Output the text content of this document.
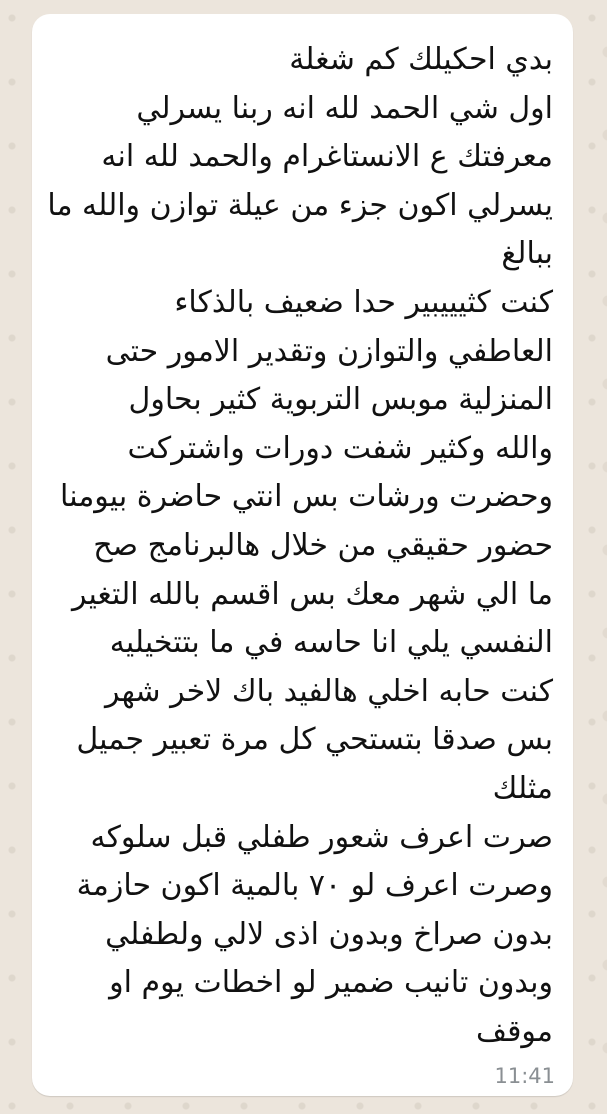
بدي احكيلك كم شغلة
اول شي الحمد لله انه ربنا يسرلي
معرفتك ع الانستاغرام والحمد لله انه
يسرلي اكون جزء من عيلة توازن والله ما
ببالغ
كنت كثيييبير حدا ضعيف بالذكاء
العاطفي والتوازن وتقدير الامور حتى
المنزلية موبس التربوية كثير بحاول
والله وكثير شفت دورات واشتركت
وحضرت ورشات بس انتي حاضرة بيومنا
حضور حقيقي من خلال هالبرنامج صح
ما الي شهر معك بس اقسم بالله التغير
النفسي يلي انا حاسه في ما بتتخيليه
كنت حابه اخلي هالفيد باك لاخر شهر
بس صدقا بتستحي كل مرة تعبير جميل
مثلك
صرت اعرف شعور طفلي قبل سلوكه
وصرت اعرف لو ٧٠ بالمية اكون حازمة
بدون صراخ وبدون اذى لالي ولطفلي
وبدون تانيب ضمير لو اخطات يوم او
موقف
11:41
